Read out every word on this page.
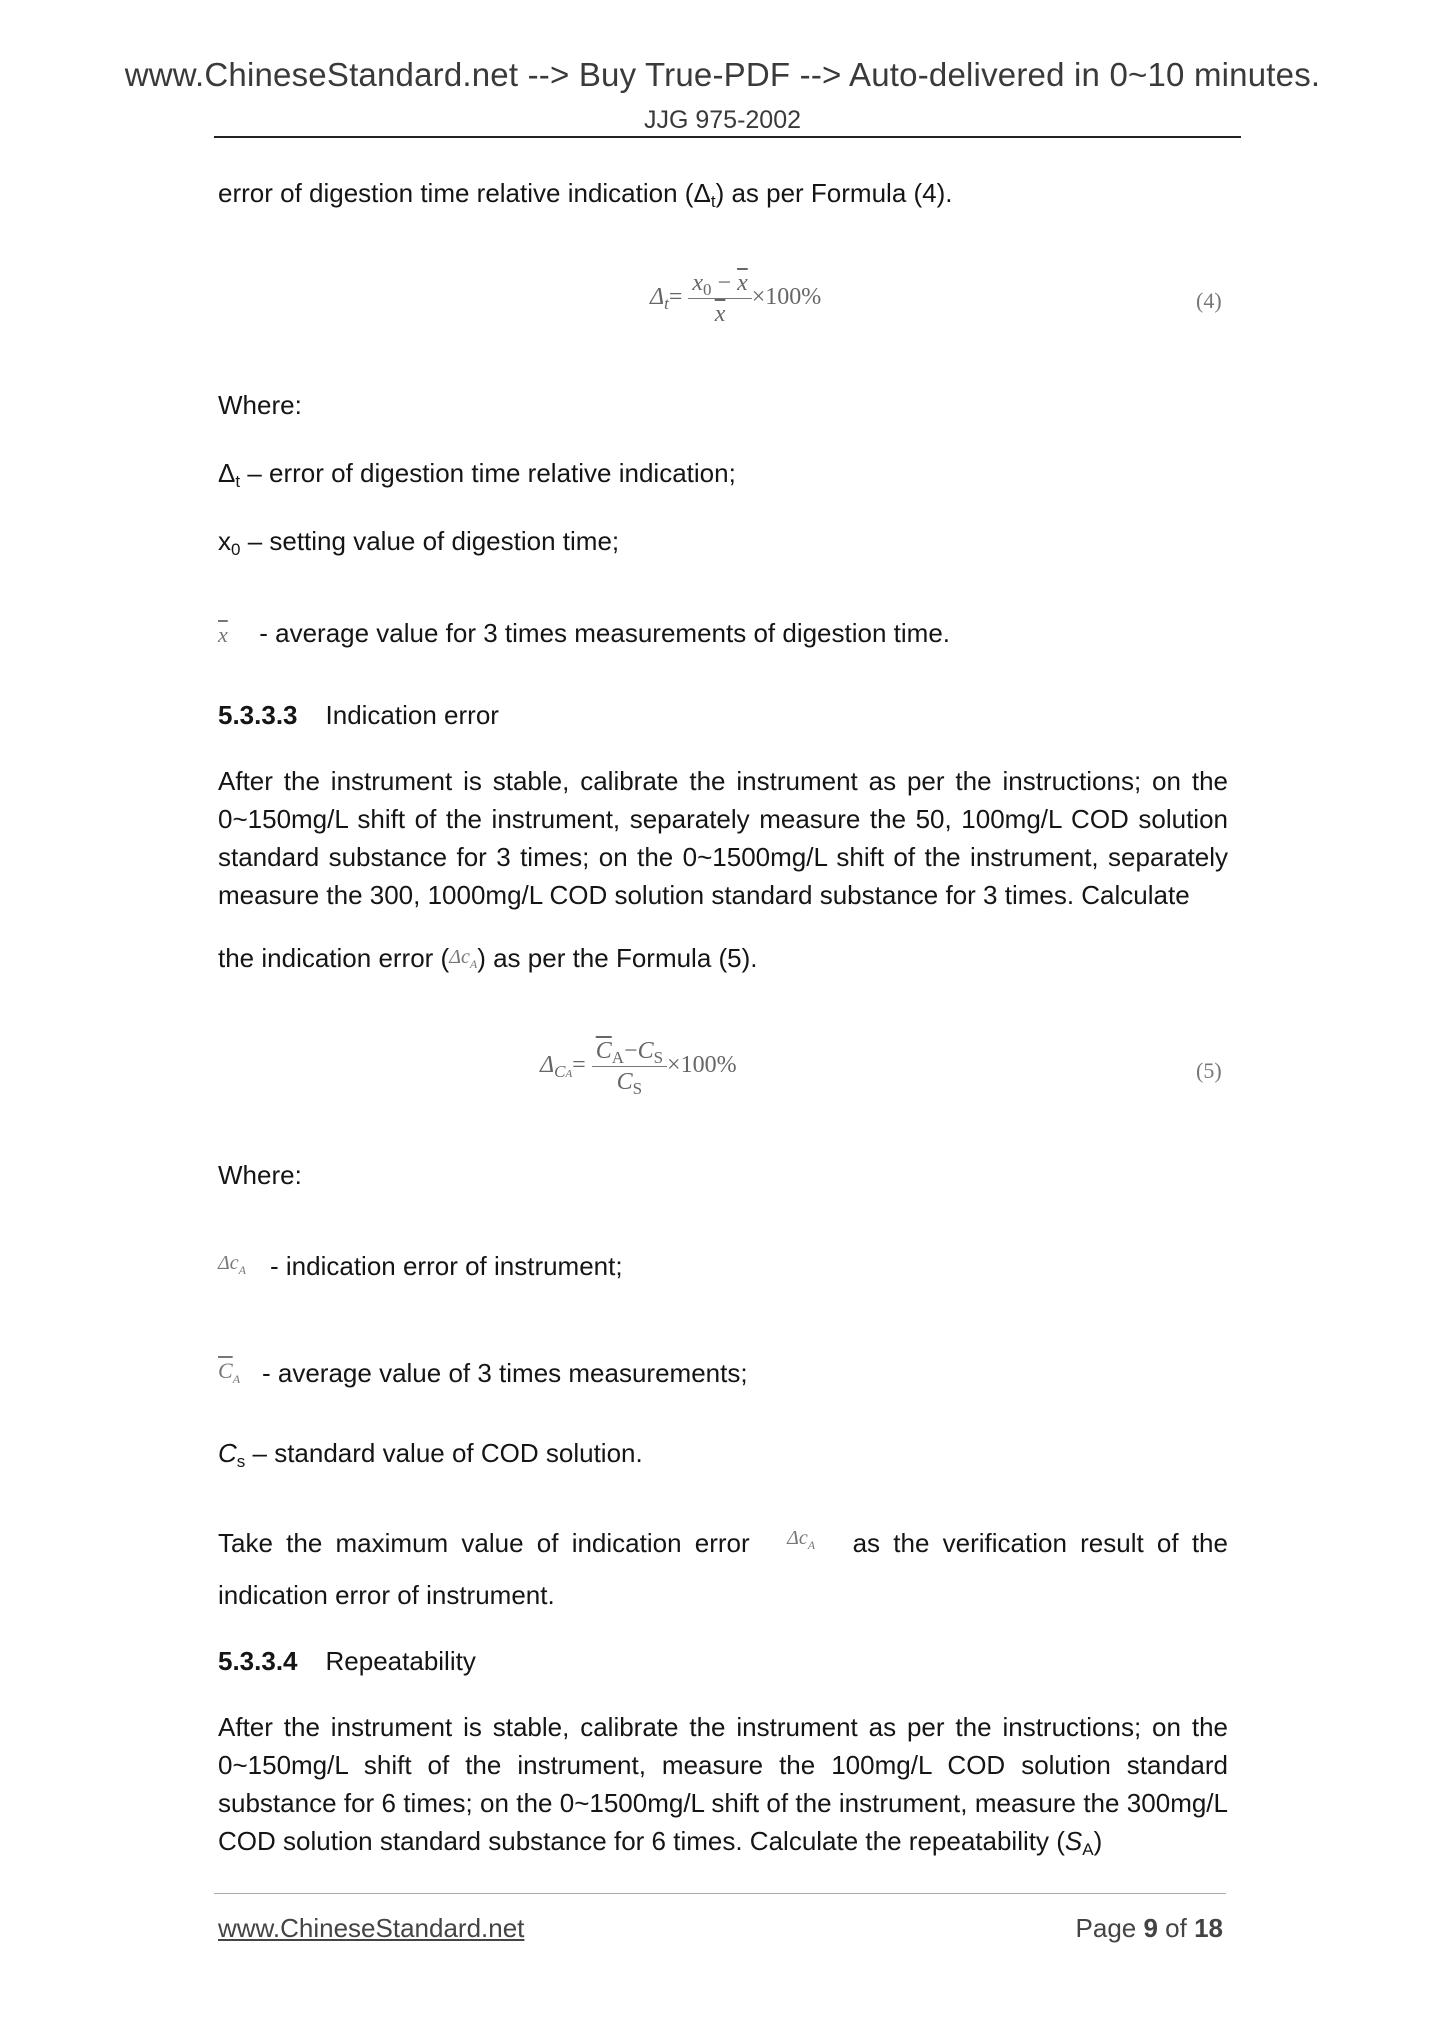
www.ChineseStandard.net --> Buy True-PDF --> Auto-delivered in 0~10 minutes.
JJG 975-2002
error of digestion time relative indication $(\Delta_t)$ as per Formula (4).
$\Delta_t= \frac{x_0 - \overline{x}}{x} \times 100\%$	(4)
Where:
$\Delta_t$ – error of digestion time relative indication;
$x_0$ – setting value of digestion time;
$\overline{x}$ - average value for 3 times measurements of digestion time.
5.3.3.3 Indication error
After the instrument is stable, calibrate the instrument as per the instructions; on the 0~150mg/L shift of the instrument, separately measure the 50, 100mg/L COD solution standard substance for 3 times; on the 0~1500mg/L shift of the instrument, separately measure the 300, 1000mg/L COD solution standard substance for 3 times. Calculate
the indication error $(\Delta c_A)$ as per the Formula (5).
$\Delta_{CA}= \frac{\overline{C}_A-C_S}{C_S} \times 100\%$	(5)
Where:
$\Delta c_A$ - indication error of instrument;
$\overline{C}_A$ - average value of 3 times measurements;
$C_s$ – standard value of COD solution.
Take the maximum value of indication error $\Delta c_A$ as the verification result of the
indication error of instrument.
5.3.3.4 Repeatability
After the instrument is stable, calibrate the instrument as per the instructions; on the 0~150mg/L shift of the instrument, measure the 100mg/L COD solution standard substance for 6 times; on the 0~1500mg/L shift of the instrument, measure the 300mg/L COD solution standard substance for 6 times. Calculate the repeatability $(S_A)$
www.ChineseStandard.net	Page 9 of 18
